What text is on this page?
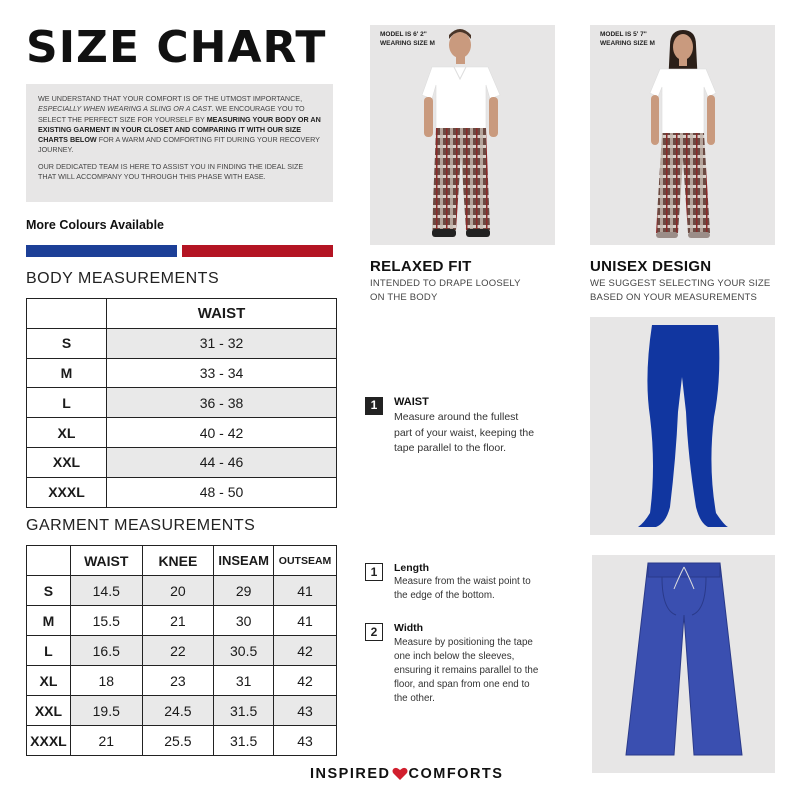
SIZE CHART

WE UNDERSTAND THAT YOUR COMFORT IS OF THE UTMOST IMPORTANCE, ESPECIALLY WHEN WEARING A SLING OR A CAST. WE ENCOURAGE YOU TO SELECT THE PERFECT SIZE FOR YOURSELF BY MEASURING YOUR BODY OR AN EXISTING GARMENT IN YOUR CLOSET AND COMPARING IT WITH OUR SIZE CHARTS BELOW FOR A WARM AND COMFORTING FIT DURING YOUR RECOVERY JOURNEY.

OUR DEDICATED TEAM IS HERE TO ASSIST YOU IN FINDING THE IDEAL SIZE THAT WILL ACCOMPANY YOU THROUGH THIS PHASE WITH EASE.

More Colours Available
BODY MEASUREMENTS
	WAIST
S	31 - 32
M	33 - 34
L	36 - 38
XL	40 - 42
XXL	44 - 46
XXXL	48 - 50
GARMENT MEASUREMENTS
	WAIST	KNEE	INSEAM	OUTSEAM
S	14.5	20	29	41
M	15.5	21	30	41
L	16.5	22	30.5	42
XL	18	23	31	42
XXL	19.5	24.5	31.5	43
XXXL	21	25.5	31.5	43
MODEL IS 6' 2"
WEARING SIZE M
RELAXED FIT
INTENDED TO DRAPE LOOSELY
ON THE BODY
1	WAIST
Measure around the fullest
part of your waist, keeping the
tape parallel to the floor.
1	Length
Measure from the waist point to
the edge of the bottom.
2	Width
Measure by positioning the tape
one inch below the sleeves,
ensuring it remains parallel to the
floor, and span from one end to
the other.
MODEL IS 5' 7"
WEARING SIZE M
UNISEX DESIGN
WE SUGGEST SELECTING YOUR SIZE
BASED ON YOUR MEASUREMENTS
INSPIRED COMFORTS
